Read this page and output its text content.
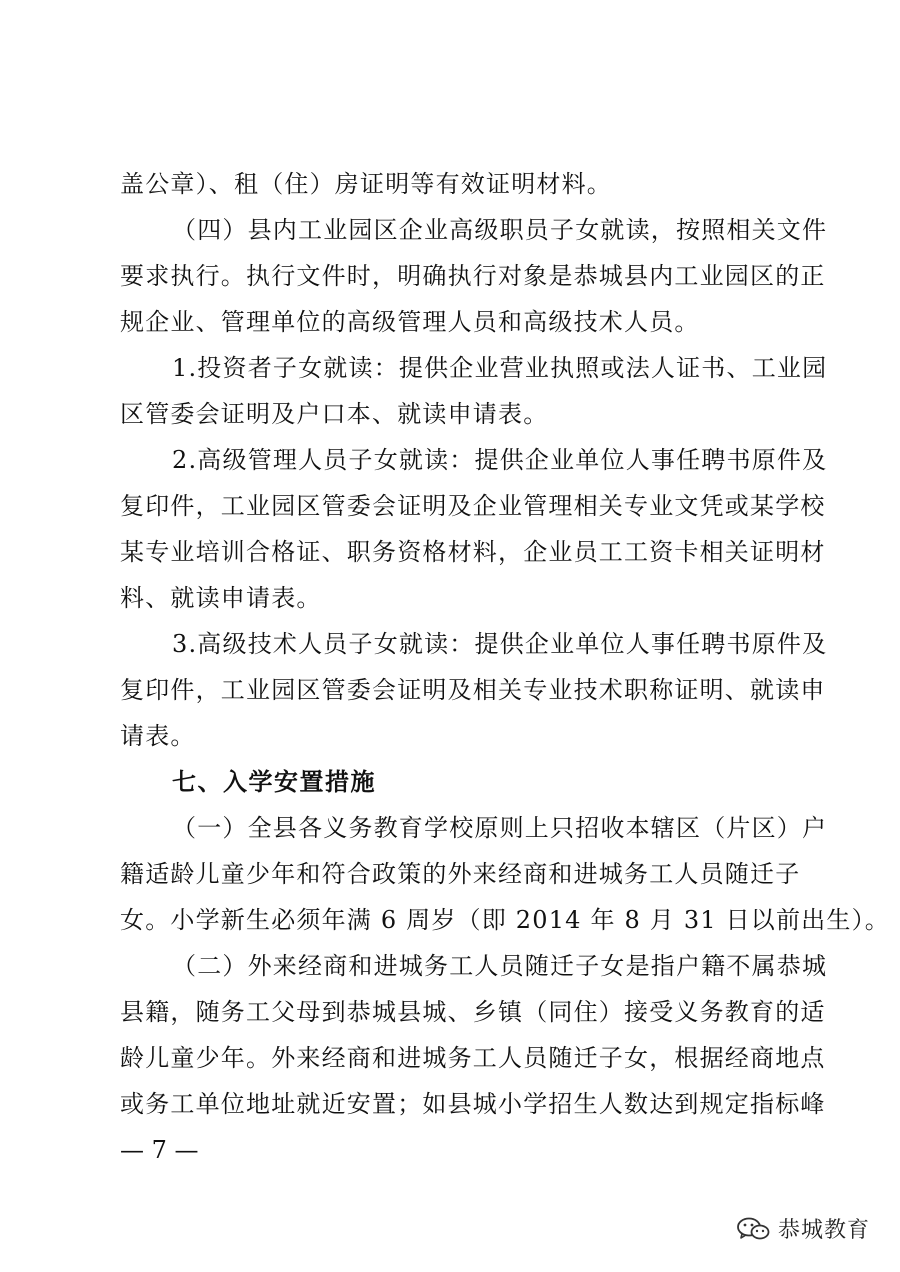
盖公章）、租（住）房证明等有效证明材料。
（四）县内工业园区企业高级职员子女就读，按照相关文件
要求执行。执行文件时，明确执行对象是恭城县内工业园区的正
规企业、管理单位的高级管理人员和高级技术人员。
1.投资者子女就读：提供企业营业执照或法人证书、工业园
区管委会证明及户口本、就读申请表。
2.高级管理人员子女就读：提供企业单位人事任聘书原件及
复印件，工业园区管委会证明及企业管理相关专业文凭或某学校
某专业培训合格证、职务资格材料，企业员工工资卡相关证明材
料、就读申请表。
3.高级技术人员子女就读：提供企业单位人事任聘书原件及
复印件，工业园区管委会证明及相关专业技术职称证明、就读申
请表。
七、入学安置措施
（一）全县各义务教育学校原则上只招收本辖区（片区）户
籍适龄儿童少年和符合政策的外来经商和进城务工人员随迁子
女。小学新生必须年满 6 周岁（即 2014 年 8 月 31 日以前出生）。
（二）外来经商和进城务工人员随迁子女是指户籍不属恭城
县籍，随务工父母到恭城县城、乡镇（同住）接受义务教育的适
龄儿童少年。外来经商和进城务工人员随迁子女，根据经商地点
或务工单位地址就近安置；如县城小学招生人数达到规定指标峰
— 7 —
恭城教育
